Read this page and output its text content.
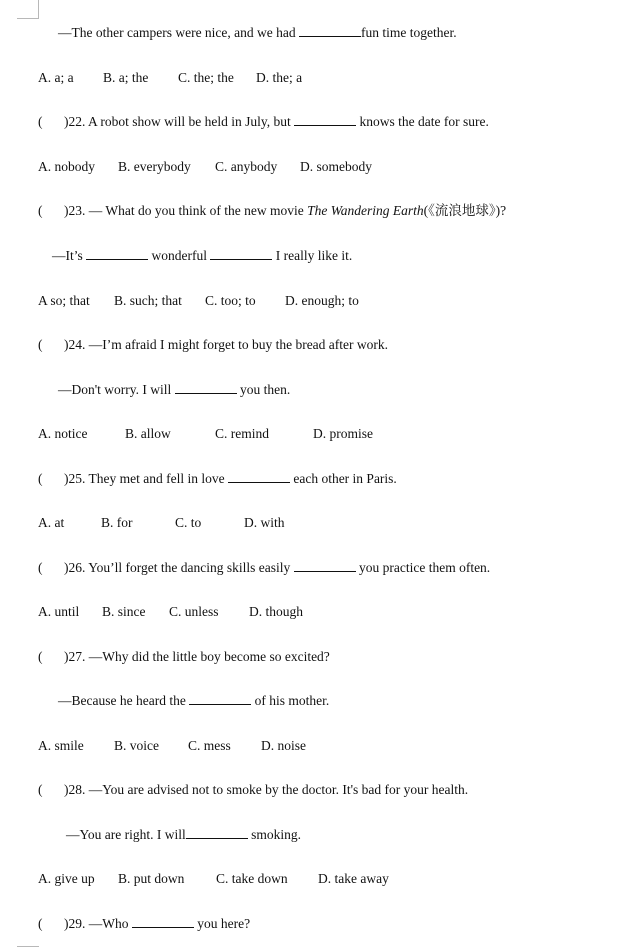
—The other campers were nice, and we had	fun time together.
A. a; a B. a; the C. the; the D. the; a
( )22. A robot show will be held in July, but	knows the date for sure.
A. nobody B. everybody C. anybody D. somebody
( )23. — What do you think of the new movie The Wandering Earth(《流浪地球》)?
—It’s	wonderful	I really like it.
A so; that B. such; that C. too; to D. enough; to
( )24. —I’m afraid I might forget to buy the bread after work.
—Don't worry. I will	you then.
A. notice	B. allow	C. remind	D. promise
( )25. They met and fell in love	each other in Paris.
A. at	B. for	C. to	D. with
( )26. You’ll forget the dancing skills easily	you practice them often.
A. until B. since C. unless D. though
( )27. —Why did the little boy become so excited?
—Because he heard the	of his mother.
A. smile B. voice C. mess D. noise
( )28. —You are advised not to smoke by the doctor. It's bad for your health.
—You are right. I will	smoking.
A. give up B. put down C. take down D. take away
( )29. —Who	you here?
